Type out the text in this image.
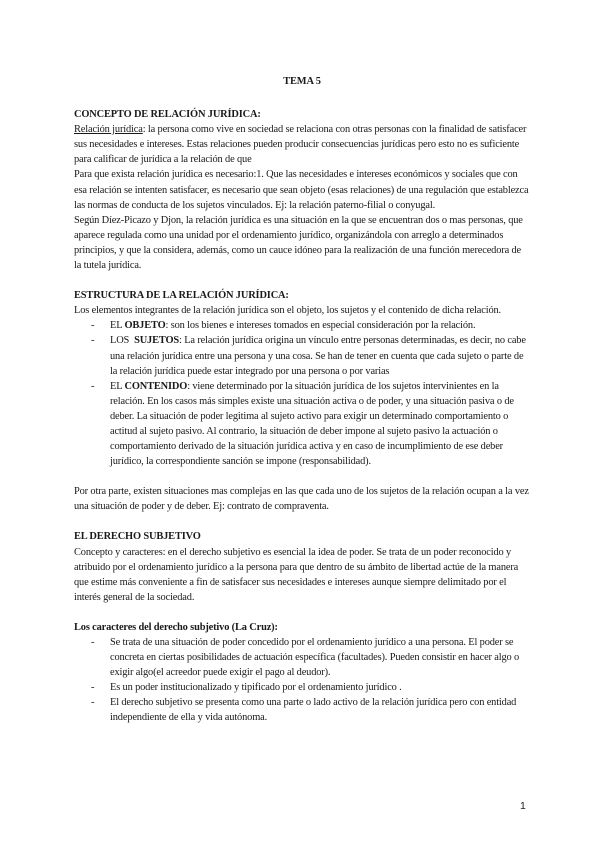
TEMA 5

CONCEPTO DE RELACIÓN JURÍDICA:

Relación jurídica: la persona como vive en sociedad se relaciona con otras personas con la finalidad de satisfacer sus necesidades e intereses. Estas relaciones pueden producir consecuencias jurídicas pero esto no es suficiente para calificar de jurídica a la relación de que

Para que exista relación jurídica es necesario:1. Que las necesidades e intereses económicos y sociales que con esa relación se intenten satisfacer, es necesario que sean objeto (esas relaciones) de una regulación que establezca las normas de conducta de los sujetos vinculados. Ej: la relación paterno-filial o conyugal.

Según Díez-Picazo y Djon, la relación jurídica es una situación en la que se encuentran dos o mas personas, que aparece regulada como una unidad por el ordenamiento jurídico, organizándola con arreglo a determinados principios, y que la considera, además, como un cauce idóneo para la realización de una función merecedora de la tutela jurídica.

ESTRUCTURA DE LA RELACIÓN JURÍDICA:

Los elementos integrantes de la relación jurídica son el objeto, los sujetos y el contenido de dicha relación.

- EL OBJETO: son los bienes e intereses tomados en especial consideración por la relación.
- LOS  SUJETOS: La relación jurídica origina un vínculo entre personas determinadas, es decir, no cabe una relación jurídica entre una persona y una cosa. Se han de tener en cuenta que cada sujeto o parte de la relación jurídica puede estar integrado por una persona o por varias
- EL CONTENIDO: viene determinado por la situación jurídica de los sujetos intervinientes en la relación. En los casos más simples existe una situación activa o de poder, y una situación pasiva o de deber. La situación de poder legitima al sujeto activo para exigir un determinado comportamiento o actitud al sujeto pasivo. Al contrario, la situación de deber impone al sujeto pasivo la actuación o comportamiento derivado de la situación jurídica activa y en caso de incumplimiento de ese deber jurídico, la correspondiente sanción se impone (responsabilidad).

Por otra parte, existen situaciones mas complejas en las que cada uno de los sujetos de la relación ocupan a la vez una situación de poder y de deber. Ej: contrato de compraventa.

EL DERECHO SUBJETIVO

Concepto y caracteres: en el derecho subjetivo es esencial la idea de poder. Se trata de un poder reconocido y atribuido por el ordenamiento jurídico a la persona para que dentro de su ámbito de libertad actúe de la manera que estime más conveniente a fin de satisfacer sus necesidades e intereses aunque siempre delimitado por el interés general de la sociedad.

Los caracteres del derecho subjetivo (La Cruz):

- Se trata de una situación de poder concedido por el ordenamiento jurídico a una persona. El poder se concreta en ciertas posibilidades de actuación específica (facultades). Pueden consistir en hacer algo o exigir algo(el acreedor puede exigir el pago al deudor).
- Es un poder institucionalizado y tipificado por el ordenamiento jurídico .
- El derecho subjetivo se presenta como una parte o lado activo de la relación jurídica pero con entidad independiente de ella y vida autónoma.
1
